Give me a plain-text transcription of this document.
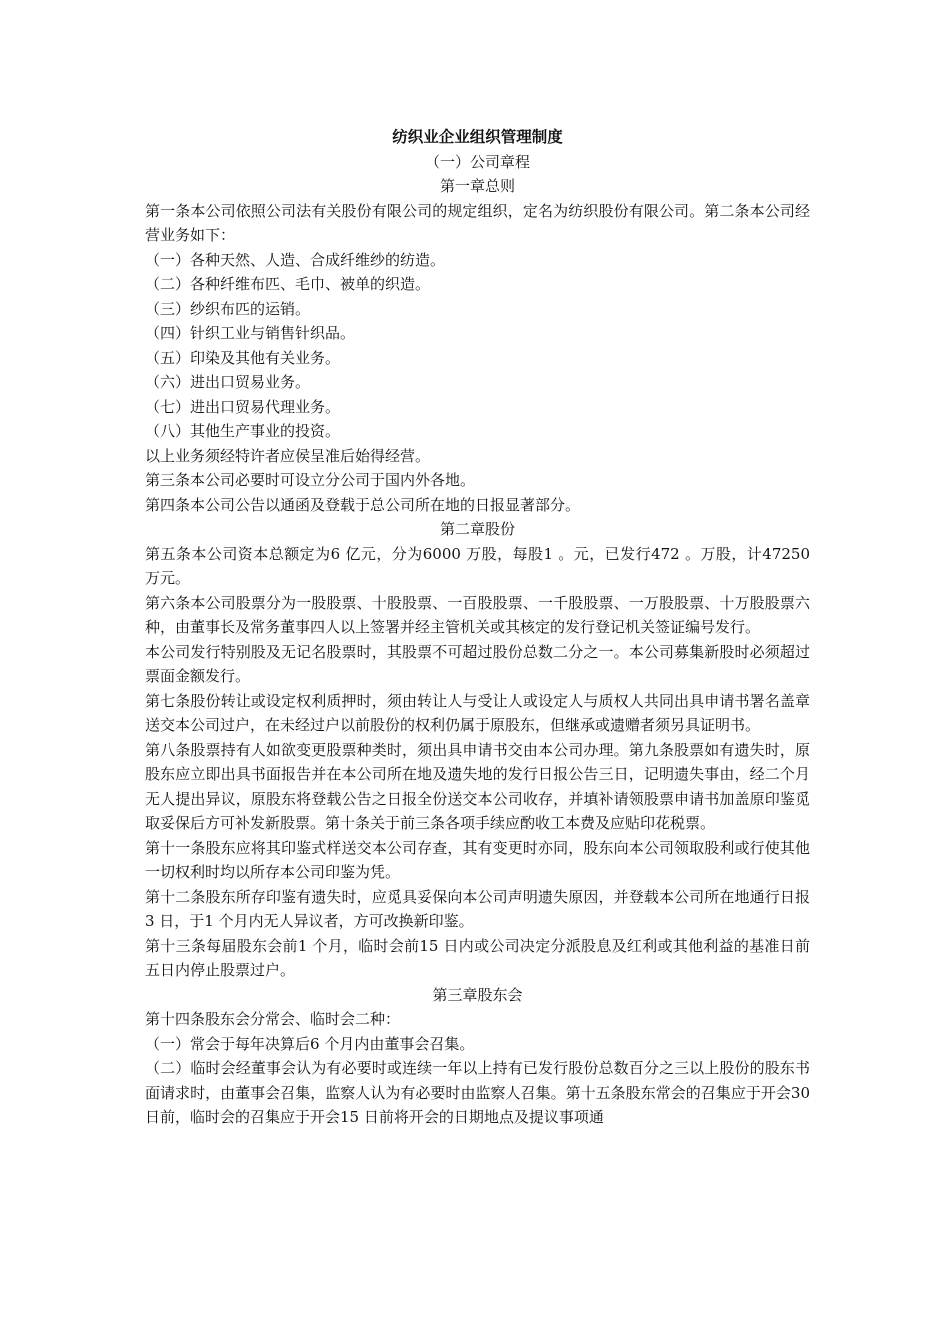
纺织业企业组织管理制度
（一）公司章程
第一章总则

第一条本公司依照公司法有关股份有限公司的规定组织，定名为纺织股份有限公司。第二条本公司经营业务如下：

（一）各种天然、人造、合成纤维纱的纺造。

（二）各种纤维布匹、毛巾、被单的织造。

（三）纱织布匹的运销。

（四）针织工业与销售针织品。

（五）印染及其他有关业务。

（六）进出口贸易业务。

（七）进出口贸易代理业务。

（八）其他生产事业的投资。

以上业务须经特许者应侯呈准后始得经营。

第三条本公司必要时可设立分公司于国内外各地。

第四条本公司公告以通函及登载于总公司所在地的日报显著部分。

第二章股份

第五条本公司资本总额定为6 亿元，分为6000 万股，每股1 。元，已发行472 。万股，计47250 万元。

第六条本公司股票分为一股股票、十股股票、一百股股票、一千股股票、一万股股票、十万股股票六种，由董事长及常务董事四人以上签署并经主管机关或其核定的发行登记机关签证编号发行。

本公司发行特别股及无记名股票时，其股票不可超过股份总数二分之一。本公司募集新股时必须超过票面金额发行。

第七条股份转让或设定权利质押时，须由转让人与受让人或设定人与质权人共同出具申请书署名盖章送交本公司过户，在未经过户以前股份的权利仍属于原股东，但继承或遗赠者须另具证明书。

第八条股票持有人如欲变更股票种类时，须出具申请书交由本公司办理。第九条股票如有遗失时，原股东应立即出具书面报告并在本公司所在地及遗失地的发行日报公告三日，记明遗失事由，经二个月无人提出异议，原股东将登载公告之日报全份送交本公司收存，并填补请领股票申请书加盖原印鉴觅取妥保后方可补发新股票。第十条关于前三条各项手续应酌收工本费及应贴印花税票。

第十一条股东应将其印鉴式样送交本公司存查，其有变更时亦同，股东向本公司领取股利或行使其他一切权利时均以所存本公司印鉴为凭。

第十二条股东所存印鉴有遗失时，应觅具妥保向本公司声明遗失原因，并登载本公司所在地通行日报3 日，于1 个月内无人异议者，方可改换新印鉴。

第十三条每届股东会前1 个月，临时会前15 日内或公司决定分派股息及红利或其他利益的基准日前五日内停止股票过户。

第三章股东会

第十四条股东会分常会、临时会二种：

（一）常会于每年决算后6 个月内由董事会召集。

（二）临时会经董事会认为有必要时或连续一年以上持有已发行股份总数百分之三以上股份的股东书面请求时，由董事会召集，监察人认为有必要时由监察人召集。第十五条股东常会的召集应于开会30 日前，临时会的召集应于开会15 日前将开会的日期地点及提议事项通
